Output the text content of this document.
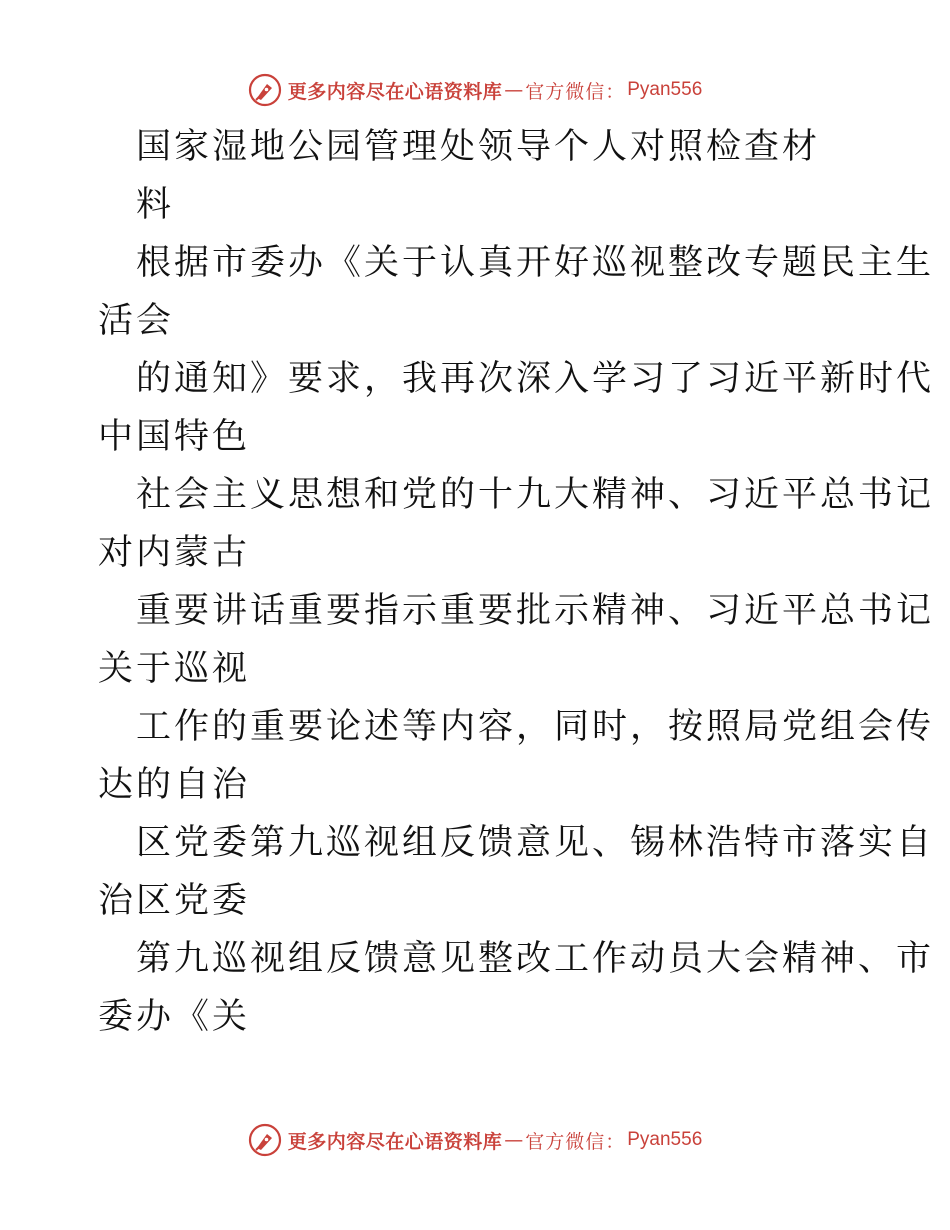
更多内容尽在心语资料库 — 官方微信： Pyan556
国家湿地公园管理处领导个人对照检查材
料
根据市委办《关于认真开好巡视整改专题民主生
活会
的通知》要求，我再次深入学习了习近平新时代
中国特色
社会主义思想和党的十九大精神、习近平总书记
对内蒙古
重要讲话重要指示重要批示精神、习近平总书记
关于巡视
工作的重要论述等内容，同时，按照局党组会传
达的自治
区党委第九巡视组反馈意见、锡林浩特市落实自
治区党委
第九巡视组反馈意见整改工作动员大会精神、市
委办《关
更多内容尽在心语资料库 — 官方微信： Pyan556
